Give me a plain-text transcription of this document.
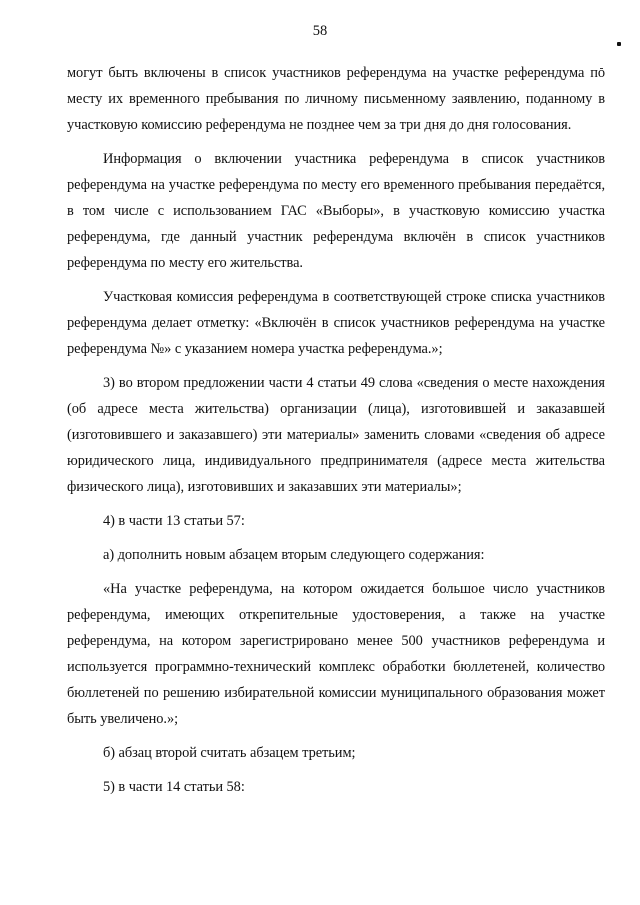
58

могут быть включены в список участников референдума на участке референдума по месту их временного пребывания по личному письменному заявлению, поданному в участковую комиссию референдума не позднее чем за три дня до дня голосования.

Информация о включении участника референдума в список участников референдума на участке референдума по месту его временного пребывания передаётся, в том числе с использованием ГАС «Выборы», в участковую комиссию участка референдума, где данный участник референдума включён в список участников референдума по месту его жительства.

Участковая комиссия референдума в соответствующей строке списка участников референдума делает отметку: «Включён в список участников референдума на участке референдума №» с указанием номера участка референдума.»;

3) во втором предложении части 4 статьи 49 слова «сведения о месте нахождения (об адресе места жительства) организации (лица), изготовившей и заказавшей (изготовившего и заказавшего) эти материалы» заменить словами «сведения об адресе юридического лица, индивидуального предпринимателя (адресе места жительства физического лица), изготовивших и заказавших эти материалы»;

4) в части 13 статьи 57:

а) дополнить новым абзацем вторым следующего содержания:

«На участке референдума, на котором ожидается большое число участников референдума, имеющих открепительные удостоверения, а также на участке референдума, на котором зарегистрировано менее 500 участников референдума и используется программно-технический комплекс обработки бюллетеней, количество бюллетеней по решению избирательной комиссии муниципального образования может быть увеличено.»;

б) абзац второй считать абзацем третьим;

5) в части 14 статьи 58:
